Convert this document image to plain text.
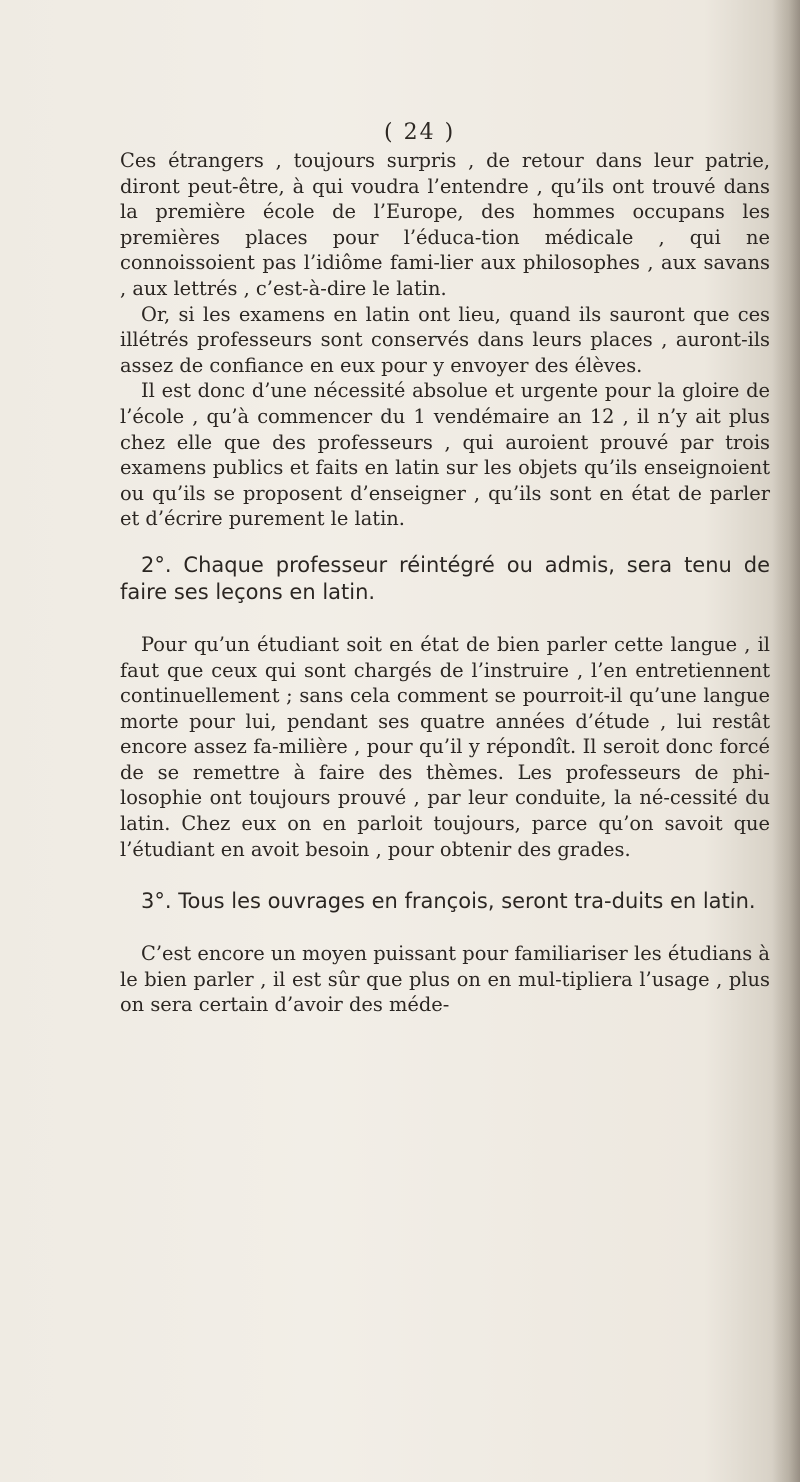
( 24 )

Ces étrangers , toujours surpris , de retour dans leur patrie, diront peut-être, à qui voudra l’entendre , qu’ils ont trouvé dans la première école de l’Europe, des hommes occupans les premières places pour l’éduca-tion médicale , qui ne connoissoient pas l’idiôme fami-lier aux philosophes , aux savans , aux lettrés , c’est-à-dire le latin.

Or, si les examens en latin ont lieu, quand ils sauront que ces illétrés professeurs sont conservés dans leurs places , auront-ils assez de confiance en eux pour y envoyer des élèves.

Il est donc d’une nécessité absolue et urgente pour la gloire de l’école , qu’à commencer du 1 vendémaire an 12 , il n’y ait plus chez elle que des professeurs , qui auroient prouvé par trois examens publics et faits en latin sur les objets qu’ils enseignoient ou qu’ils se proposent d’enseigner , qu’ils sont en état de parler et d’écrire purement le latin.

2°. Chaque professeur réintégré ou admis, sera tenu de faire ses leçons en latin.

Pour qu’un étudiant soit en état de bien parler cette langue , il faut que ceux qui sont chargés de l’instruire , l’en entretiennent continuellement ; sans cela comment se pourroit-il qu’une langue morte pour lui, pendant ses quatre années d’étude , lui restât encore assez fa-milière , pour qu’il y répondît. Il seroit donc forcé de se remettre à faire des thèmes. Les professeurs de phi-losophie ont toujours prouvé , par leur conduite, la né-cessité du latin. Chez eux on en parloit toujours, parce qu’on savoit que l’étudiant en avoit besoin , pour obtenir des grades.

3°. Tous les ouvrages en françois, seront tra-duits en latin.

C’est encore un moyen puissant pour familiariser les étudians à le bien parler , il est sûr que plus on en mul-tipliera l’usage , plus on sera certain d’avoir des méde-
